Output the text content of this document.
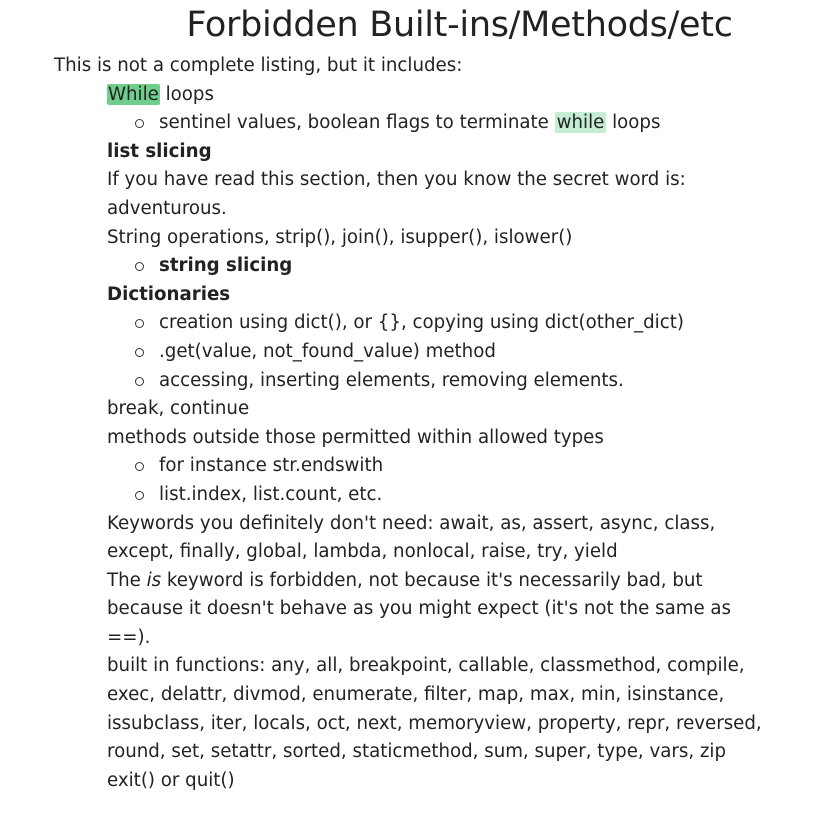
Forbidden Built-ins/Methods/etc

This is not a complete listing, but it includes:

While loops
sentinel values, boolean flags to terminate while loops
list slicing
If you have read this section, then you know the secret word is: adventurous.
String operations, strip(), join(), isupper(), islower()
string slicing
Dictionaries
creation using dict(), or {}, copying using dict(other_dict)
.get(value, not_found_value) method
accessing, inserting elements, removing elements.
break, continue
methods outside those permitted within allowed types
for instance str.endswith
list.index, list.count, etc.
Keywords you definitely don't need: await, as, assert, async, class, except, finally, global, lambda, nonlocal, raise, try, yield
The is keyword is forbidden, not because it's necessarily bad, but because it doesn't behave as you might expect (it's not the same as ==).
built in functions: any, all, breakpoint, callable, classmethod, compile, exec, delattr, divmod, enumerate, filter, map, max, min, isinstance, issubclass, iter, locals, oct, next, memoryview, property, repr, reversed, round, set, setattr, sorted, staticmethod, sum, super, type, vars, zip
exit() or quit()
